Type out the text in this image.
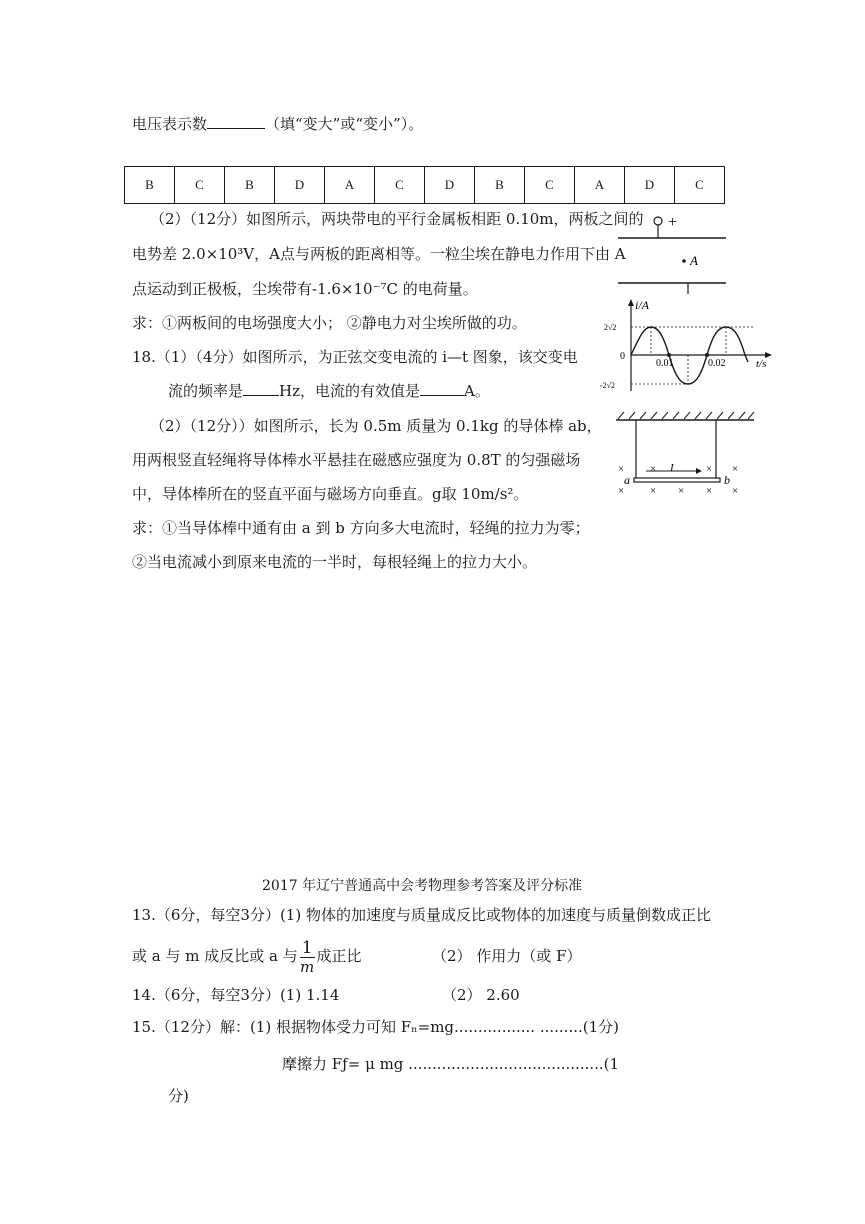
电压表示数	（填“变大”或“变小”）。
B	C	B	D	A	C	D	B	C	A	D	C
（2）（12分）如图所示，两块带电的平行金属板相距 0.10m，两板之间的
电势差 2.0×10³V，A点与两板的距离相等。一粒尘埃在静电力作用下由 A
点运动到正极板，尘埃带有-1.6×10⁻⁷C 的电荷量。
求：①两板间的电场强度大小； ②静电力对尘埃所做的功。
+
A
i/A
t/s
0
2√2
-2√2
0.01	0.02
18.（1）（4分）如图所示，为正弦交变电流的 i—t 图象，该交变电
流的频率是 Hz，电流的有效值是	A。
（2）（12分））如图所示，长为 0.5m 质量为 0.1kg 的导体棒 ab，
用两根竖直轻绳将导体棒水平悬挂在磁感应强度为 0.8T 的匀强磁场
中，导体棒所在的竖直平面与磁场方向垂直。g取 10m/s²。
求：①当导体棒中通有由 a 到 b 方向多大电流时，轻绳的拉力为零；
②当电流减小到原来电流的一半时，每根轻绳上的拉力大小。
I
a	b
× ×	× ×
× × × × ×
2017 年辽宁普通高中会考物理参考答案及评分标准
13.（6分，每空3分）(1) 物体的加速度与质量成反比或物体的加速度与质量倒数成正比
或 a 与 m 成反比或 a 与 $\frac{1}{m}$ 成正比	（2） 作用力（或 F）
14.（6分，每空3分）(1) 1.14	（2） 2.60
15.（12分）解：(1) 根据物体受力可知 Fₙ=mg................. .........(1分)
摩擦力 Fƒ= μ mg .........................................(1
分)
